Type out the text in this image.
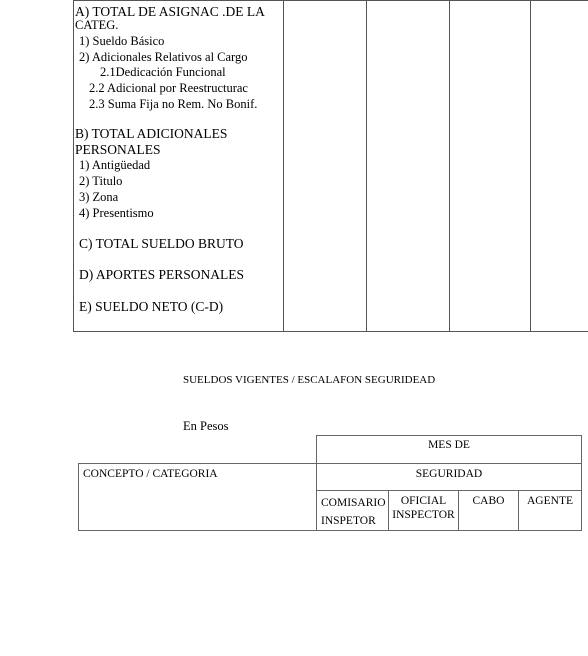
A) TOTAL DE ASIGNAC .DE LA
CATEG.
1) Sueldo Básico
2) Adicionales Relativos al Cargo
2.1Dedicación Funcional
2.2 Adicional por Reestructurac
2.3 Suma Fija no Rem. No Bonif.
B) TOTAL ADICIONALES
PERSONALES
1) Antigüedad
2) Titulo
3) Zona
4) Presentismo
C) TOTAL SUELDO BRUTO
D) APORTES PERSONALES
E) SUELDO NETO (C-D)
SUELDOS VIGENTES / ESCALAFON SEGURIDEAD
En Pesos
MES DE
CONCEPTO / CATEGORIA	SEGURIDAD
COMISARIO
INSPETOR
OFICIAL
INSPECTOR
CABO	AGENTE
